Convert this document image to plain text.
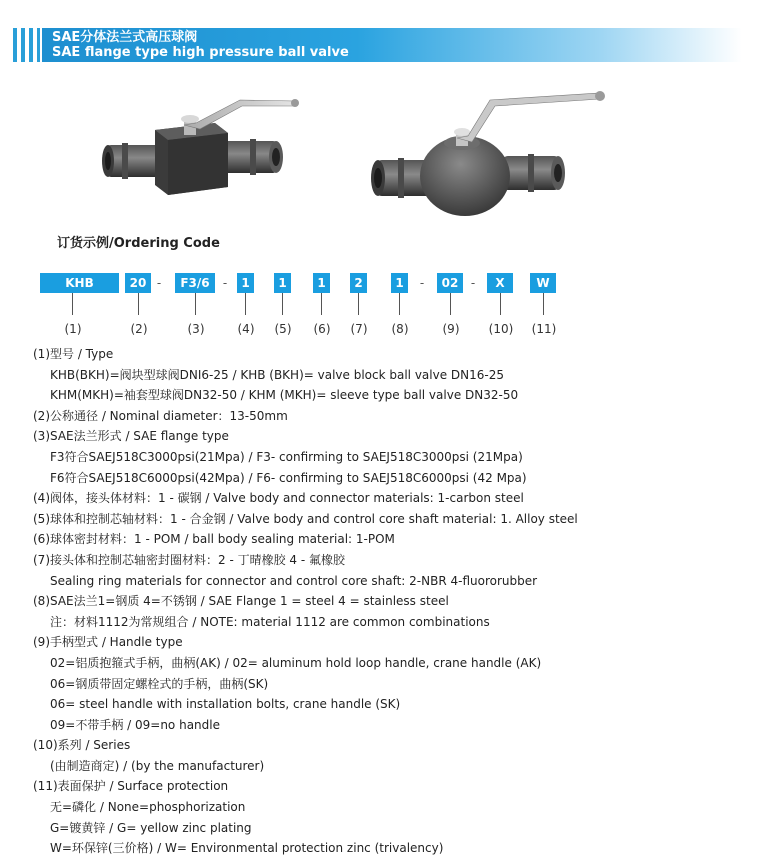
SAE分体法兰式高压球阀
SAE flange type high pressure ball valve
订货示例/Ordering Code
KHB	20 -	F3/6	-	1	1	1	2	1	-	02	-	X	W
(1)	(2)	(3)	(4)	(5)	(6)	(7)	(8)	(9)	(10)	(11)
(1)型号 / Type
KHB(BKH)=阀块型球阀DNI6-25 / KHB (BKH)= valve block ball valve DN16-25
KHM(MKH)=袖套型球阀DN32-50 / KHM (MKH)= sleeve type ball valve DN32-50
(2)公称通径 / Nominal diameter：13-50mm
(3)SAE法兰形式 / SAE flange type
F3符合SAEJ518C3000psi(21Mpa) / F3- confirming to SAEJ518C3000psi (21Mpa)
F6符合SAEJ518C6000psi(42Mpa) / F6- confirming to SAEJ518C6000psi (42 Mpa)
(4)阀体，接头体材料：1 - 碳钢 / Valve body and connector materials: 1-carbon steel
(5)球体和控制芯轴材料：1 - 合金钢 / Valve body and control core shaft material: 1. Alloy steel
(6)球体密封材料：1 - POM / ball body sealing material: 1-POM
(7)接头体和控制芯轴密封圈材料：2 - 丁晴橡胶 4 - 氟橡胶
Sealing ring materials for connector and control core shaft: 2-NBR 4-fluororubber
(8)SAE法兰1=钢质 4=不锈钢 / SAE Flange 1 = steel 4 = stainless steel
注：材料1112为常规组合 / NOTE: material 1112 are common combinations
(9)手柄型式 / Handle type
02=铝质抱箍式手柄，曲柄(AK) / 02= aluminum hold loop handle, crane handle (AK)
06=钢质带固定螺栓式的手柄，曲柄(SK)
06= steel handle with installation bolts, crane handle (SK)
09=不带手柄 / 09=no handle
(10)系列 / Series
(由制造商定) / (by the manufacturer)
(11)表面保护 / Surface protection
无=磷化 / None=phosphorization
G=镀黄锌 / G= yellow zinc plating
W=环保锌(三价格) / W= Environmental protection zinc (trivalency)
